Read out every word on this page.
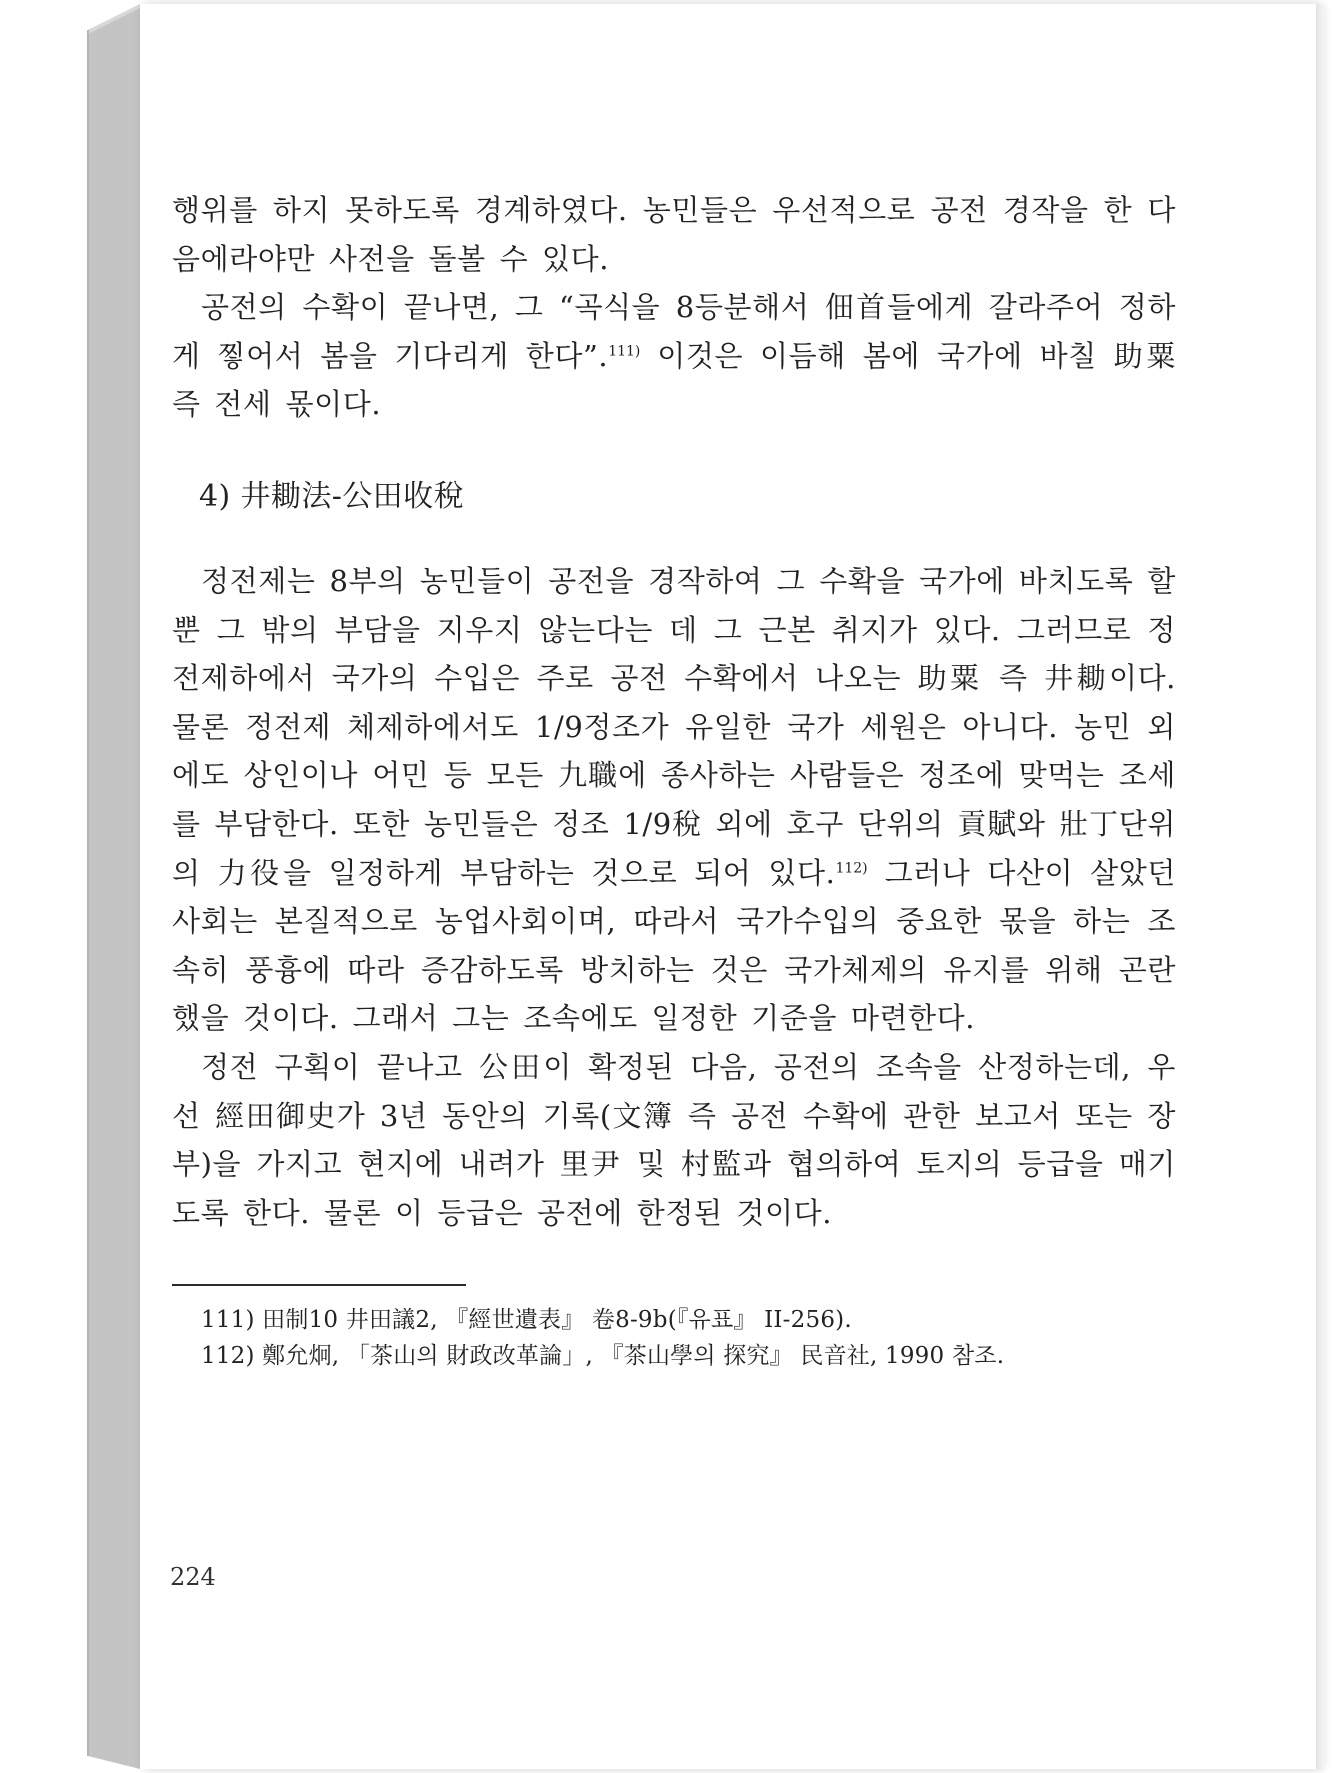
행위를 하지 못하도록 경계하였다. 농민들은 우선적으로 공전 경작을 한 다음에라야만 사전을 돌볼 수 있다.

공전의 수확이 끝나면, 그 “곡식을 8등분해서 佃首들에게 갈라주어 정하게 찧어서 봄을 기다리게 한다”.$^{111)}$ 이것은 이듬해 봄에 국가에 바칠 助粟 즉 전세 몫이다.

4) 井耡法-公田收稅

정전제는 8부의 농민들이 공전을 경작하여 그 수확을 국가에 바치도록 할 뿐 그 밖의 부담을 지우지 않는다는 데 그 근본 취지가 있다. 그러므로 정전제하에서 국가의 수입은 주로 공전 수확에서 나오는 助粟 즉 井耡이다. 물론 정전제 체제하에서도 1/9정조가 유일한 국가 세원은 아니다. 농민 외에도 상인이나 어민 등 모든 九職에 종사하는 사람들은 정조에 맞먹는 조세를 부담한다. 또한 농민들은 정조 1/9稅 외에 호구 단위의 貢賦와 壯丁단위의 力役을 일정하게 부담하는 것으로 되어 있다.$^{112)}$ 그러나 다산이 살았던 사회는 본질적으로 농업사회이며, 따라서 국가수입의 중요한 몫을 하는 조속히 풍흉에 따라 증감하도록 방치하는 것은 국가체제의 유지를 위해 곤란했을 것이다. 그래서 그는 조속에도 일정한 기준을 마련한다.

정전 구획이 끝나고 公田이 확정된 다음, 공전의 조속을 산정하는데, 우선 經田御史가 3년 동안의 기록(文簿 즉 공전 수확에 관한 보고서 또는 장부)을 가지고 현지에 내려가 里尹 및 村監과 협의하여 토지의 등급을 매기도록 한다. 물론 이 등급은 공전에 한정된 것이다.

111) 田制10 井田議2, 『經世遺表』 卷8-9b(『유표』 II-256).

112) 鄭允炯, 「茶山의 財政改革論」, 『茶山學의 探究』 民音社, 1990 참조.

224
